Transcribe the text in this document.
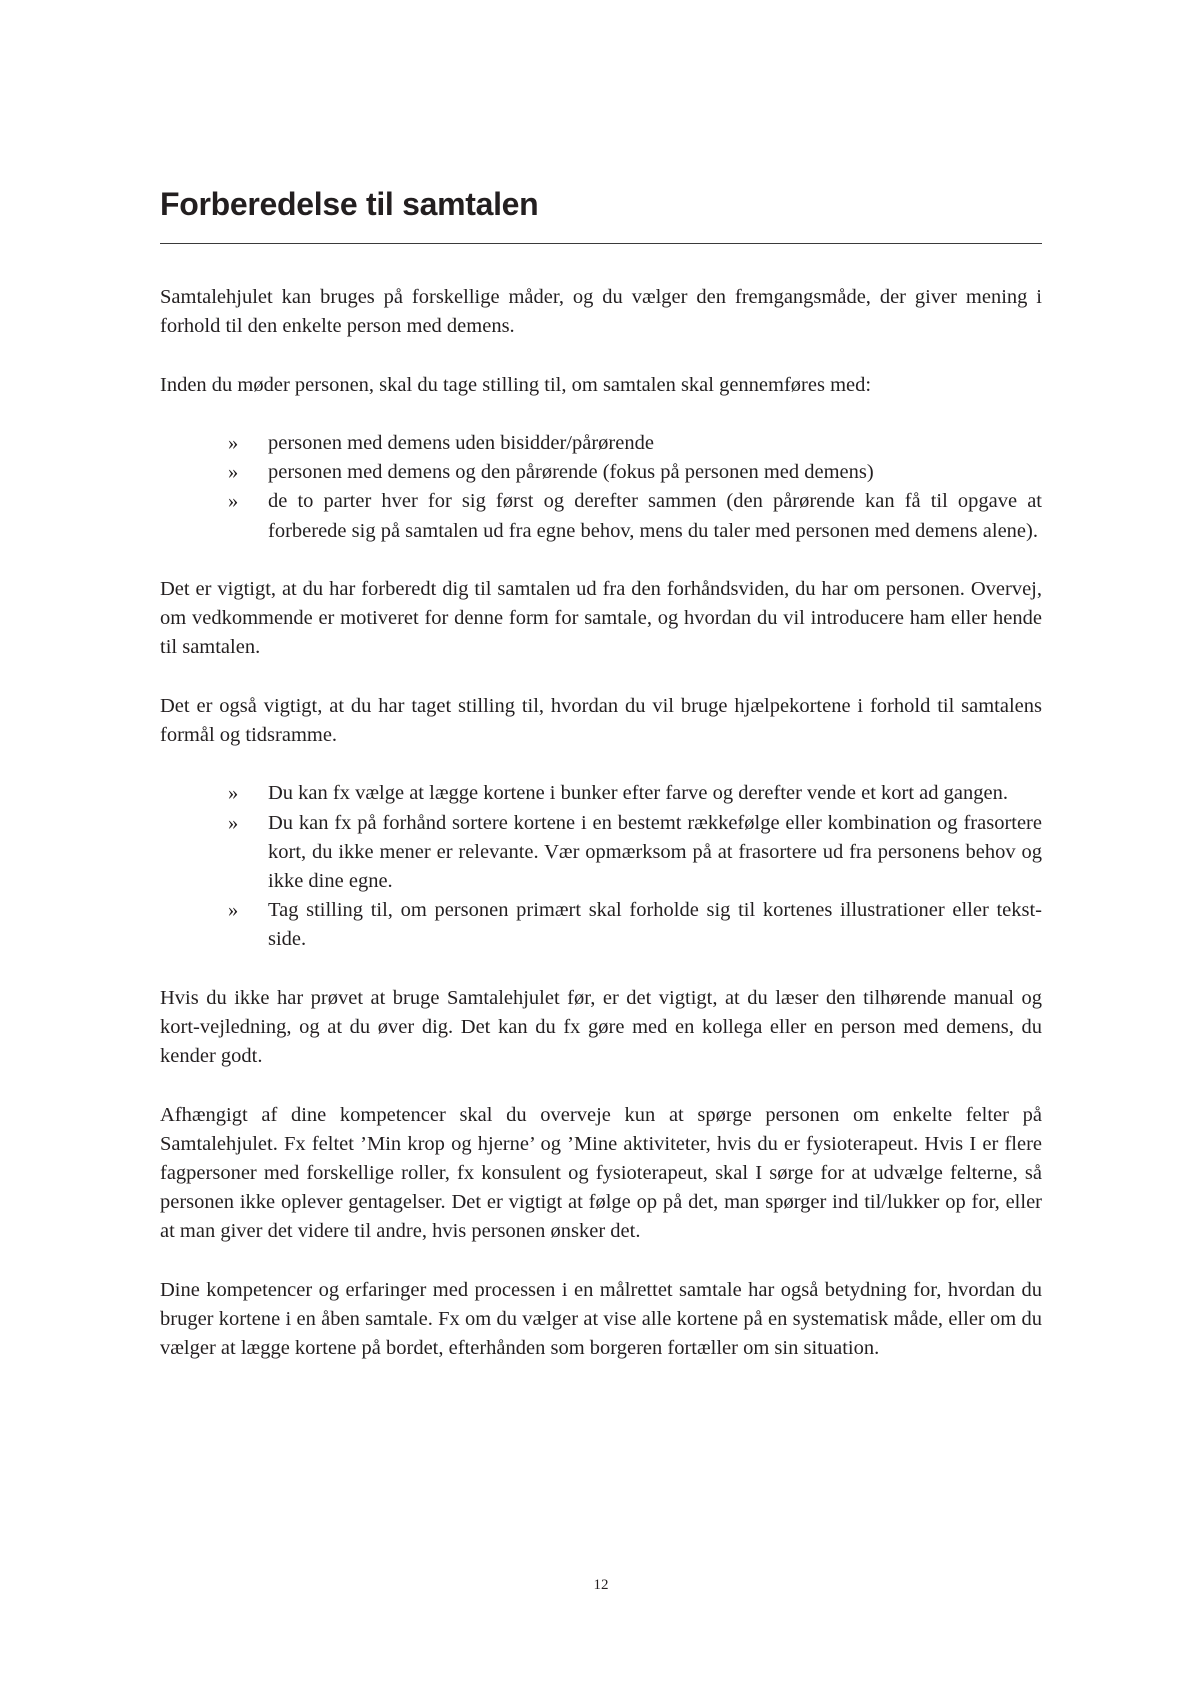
Forberedelse til samtalen

Samtalehjulet kan bruges på forskellige måder, og du vælger den fremgangsmåde, der giver mening i forhold til den enkelte person med demens.

Inden du møder personen, skal du tage stilling til, om samtalen skal gennemføres med:

» personen med demens uden bisidder/pårørende
» personen med demens og den pårørende (fokus på personen med demens)
» de to parter hver for sig først og derefter sammen (den pårørende kan få til opgave at forberede sig på samtalen ud fra egne behov, mens du taler med personen med demens alene).

Det er vigtigt, at du har forberedt dig til samtalen ud fra den forhåndsviden, du har om personen. Overvej, om vedkommende er motiveret for denne form for samtale, og hvordan du vil introducere ham eller hende til samtalen.

Det er også vigtigt, at du har taget stilling til, hvordan du vil bruge hjælpekortene i forhold til samtalens formål og tidsramme.

» Du kan fx vælge at lægge kortene i bunker efter farve og derefter vende et kort ad gangen.
» Du kan fx på forhånd sortere kortene i en bestemt rækkefølge eller kombination og frasortere kort, du ikke mener er relevante. Vær opmærksom på at frasortere ud fra personens behov og ikke dine egne.
» Tag stilling til, om personen primært skal forholde sig til kortenes illustrationer eller tekst-side.

Hvis du ikke har prøvet at bruge Samtalehjulet før, er det vigtigt, at du læser den tilhørende manual og kort-vejledning, og at du øver dig. Det kan du fx gøre med en kollega eller en person med demens, du kender godt.

Afhængigt af dine kompetencer skal du overveje kun at spørge personen om enkelte felter på Samtalehjulet. Fx feltet ’Min krop og hjerne’ og ’Mine aktiviteter, hvis du er fysioterapeut. Hvis I er flere fagpersoner med forskellige roller, fx konsulent og fysioterapeut, skal I sørge for at udvælge felterne, så personen ikke oplever gentagelser. Det er vigtigt at følge op på det, man spørger ind til/lukker op for, eller at man giver det videre til andre, hvis personen ønsker det.

Dine kompetencer og erfaringer med processen i en målrettet samtale har også betydning for, hvordan du bruger kortene i en åben samtale. Fx om du vælger at vise alle kortene på en systematisk måde, eller om du vælger at lægge kortene på bordet, efterhånden som borgeren fortæller om sin situation.

12
